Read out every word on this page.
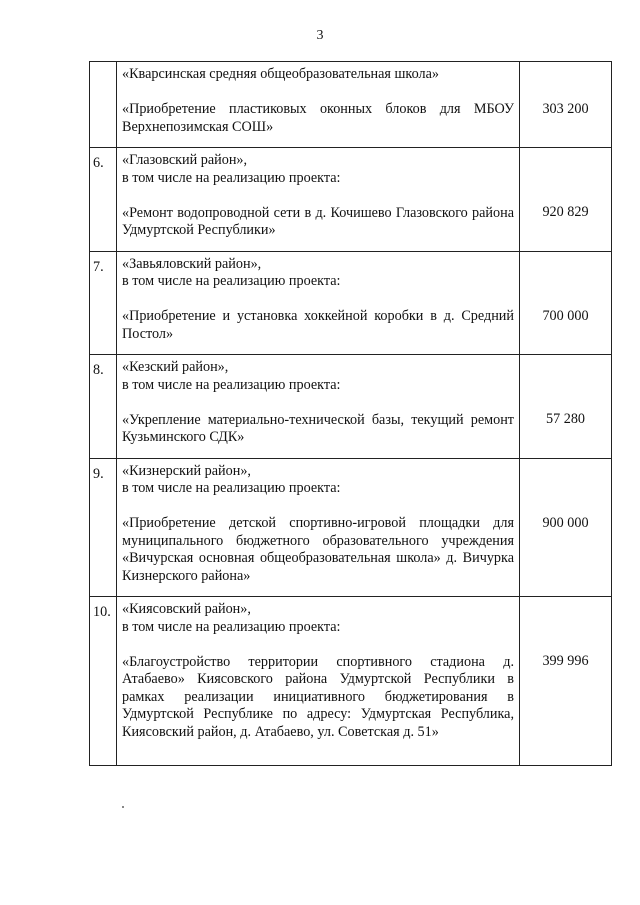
3

	«Кварсинская средняя общеобразовательная школа»

«Приобретение пластиковых оконных блоков для МБОУ Верхнепозимская СОШ»	303 200

6.	«Глазовский район»,

в том числе на реализацию проекта:

«Ремонт водопроводной сети в д. Кочишево Глазовского района Удмуртской Республики»	920 829

7.	«Завьяловский район»,

в том числе на реализацию проекта:

«Приобретение и установка хоккейной коробки в д. Средний Постол»	700 000

8.	«Кезский район»,

в том числе на реализацию проекта:

«Укрепление материально-технической базы, текущий ремонт Кузьминского СДК»	57 280

9.	«Кизнерский район»,

в том числе на реализацию проекта:

«Приобретение детской спортивно-игровой площадки для муниципального бюджетного образовательного учреждения «Вичурская основная общеобразовательная школа» д. Вичурка Кизнерского района»	900 000

10.	«Киясовский район»,

в том числе на реализацию проекта:

«Благоустройство территории спортивного стадиона д. Атабаево» Киясовского района Удмуртской Республики в рамках реализации инициативного бюджетирования в Удмуртской Республике по адресу: Удмуртская Республика, Киясовский район, д. Атабаево, ул. Советская д. 51»	399 996
